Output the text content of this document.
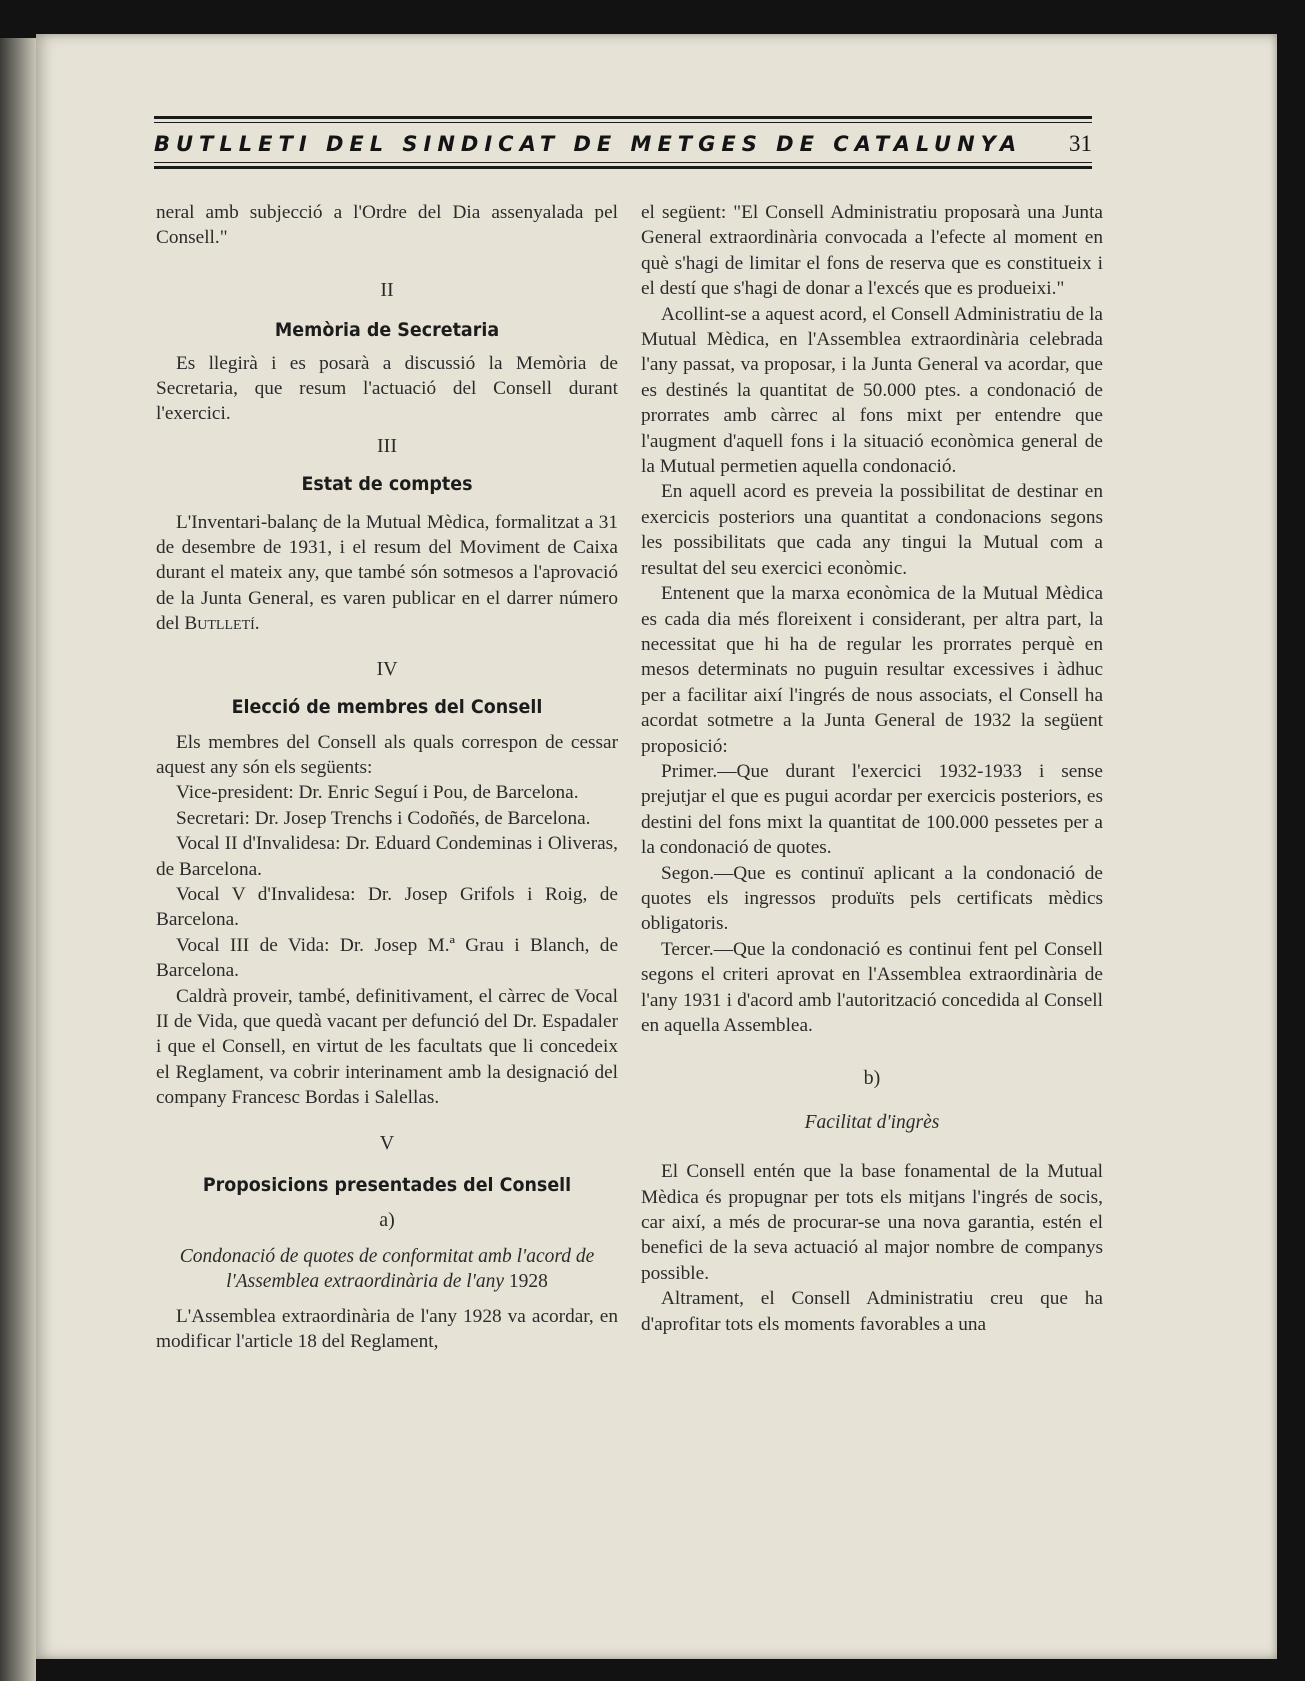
BUTLLETI DEL SINDICAT DE METGES DE CATALUNYA 31

neral amb subjecció a l'Ordre del Dia assenyalada pel Consell."

II
Memòria de Secretaria

Es llegirà i es posarà a discussió la Memòria de Secretaria, que resum l'actuació del Consell durant l'exercici.

III
Estat de comptes

L'Inventari-balanç de la Mutual Mèdica, formalitzat a 31 de desembre de 1931, i el resum del Moviment de Caixa durant el mateix any, que també són sotmesos a l'aprovació de la Junta General, es varen publicar en el darrer número del Butlletí.

IV
Elecció de membres del Consell

Els membres del Consell als quals correspon de cessar aquest any són els següents:

Vice-president: Dr. Enric Seguí i Pou, de Barcelona.

Secretari: Dr. Josep Trenchs i Codoñés, de Barcelona.

Vocal II d'Invalidesa: Dr. Eduard Condeminas i Oliveras, de Barcelona.

Vocal V d'Invalidesa: Dr. Josep Grifols i Roig, de Barcelona.

Vocal III de Vida: Dr. Josep M.ª Grau i Blanch, de Barcelona.

Caldrà proveir, també, definitivament, el càrrec de Vocal II de Vida, que quedà vacant per defunció del Dr. Espadaler i que el Consell, en virtut de les facultats que li concedeix el Reglament, va cobrir interinament amb la designació del company Francesc Bordas i Salellas.

V
Proposicions presentades del Consell
a)
Condonació de quotes de conformitat amb l'acord de l'Assemblea extraordinària de l'any 1928

L'Assemblea extraordinària de l'any 1928 va acordar, en modificar l'article 18 del Reglament,

el següent: "El Consell Administratiu proposarà una Junta General extraordinària convocada a l'efecte al moment en què s'hagi de limitar el fons de reserva que es constitueix i el destí que s'hagi de donar a l'excés que es produeixi."

Acollint-se a aquest acord, el Consell Administratiu de la Mutual Mèdica, en l'Assemblea extraordinària celebrada l'any passat, va proposar, i la Junta General va acordar, que es destinés la quantitat de 50.000 ptes. a condonació de prorrates amb càrrec al fons mixt per entendre que l'augment d'aquell fons i la situació econòmica general de la Mutual permetien aquella condonació.

En aquell acord es preveia la possibilitat de destinar en exercicis posteriors una quantitat a condonacions segons les possibilitats que cada any tingui la Mutual com a resultat del seu exercici econòmic.

Entenent que la marxa econòmica de la Mutual Mèdica es cada dia més floreixent i considerant, per altra part, la necessitat que hi ha de regular les prorrates perquè en mesos determinats no puguin resultar excessives i àdhuc per a facilitar així l'ingrés de nous associats, el Consell ha acordat sotmetre a la Junta General de 1932 la següent proposició:

Primer.—Que durant l'exercici 1932-1933 i sense prejutjar el que es pugui acordar per exercicis posteriors, es destini del fons mixt la quantitat de 100.000 pessetes per a la condonació de quotes.

Segon.—Que es continuï aplicant a la condonació de quotes els ingressos produïts pels certificats mèdics obligatoris.

Tercer.—Que la condonació es continui fent pel Consell segons el criteri aprovat en l'Assemblea extraordinària de l'any 1931 i d'acord amb l'autorització concedida al Consell en aquella Assemblea.

b)
Facilitat d'ingrès

El Consell entén que la base fonamental de la Mutual Mèdica és propugnar per tots els mitjans l'ingrés de socis, car així, a més de procurar-se una nova garantia, estén el benefici de la seva actuació al major nombre de companys possible.

Altrament, el Consell Administratiu creu que ha d'aprofitar tots els moments favorables a una
